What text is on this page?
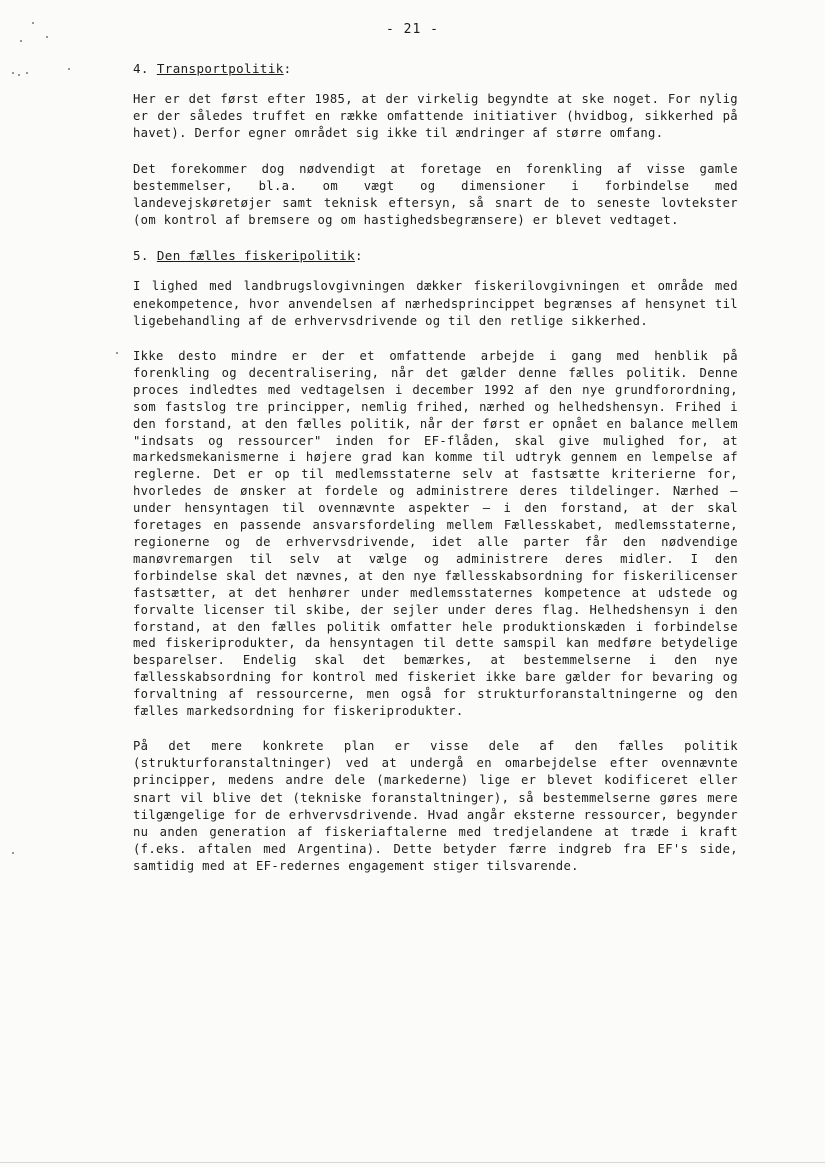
- 21 -
4. Transportpolitik:

Her er det først efter 1985, at der virkelig begyndte at ske noget. For nylig er der således truffet en række omfattende initiativer (hvidbog, sikkerhed på havet). Derfor egner området sig ikke til ændringer af større omfang.

Det forekommer dog nødvendigt at foretage en forenkling af visse gamle bestemmelser, bl.a. om vægt og dimensioner i forbindelse med landevejskøretøjer samt teknisk eftersyn, så snart de to seneste lovtekster (om kontrol af bremsere og om hastighedsbegrænsere) er blevet vedtaget.

5. Den fælles fiskeripolitik:

I lighed med landbrugslovgivningen dækker fiskerilovgivningen et område med enekompetence, hvor anvendelsen af nærhedsprincippet begrænses af hensynet til ligebehandling af de erhvervsdrivende og til den retlige sikkerhed.

Ikke desto mindre er der et omfattende arbejde i gang med henblik på forenkling og decentralisering, når det gælder denne fælles politik. Denne proces indledtes med vedtagelsen i december 1992 af den nye grundforordning, som fastslog tre principper, nemlig frihed, nærhed og helhedshensyn. Frihed i den forstand, at den fælles politik, når der først er opnået en balance mellem "indsats og ressourcer" inden for EF-flåden, skal give mulighed for, at markedsmekanismerne i højere grad kan komme til udtryk gennem en lempelse af reglerne. Det er op til medlemsstaterne selv at fastsætte kriterierne for, hvorledes de ønsker at fordele og administrere deres tildelinger. Nærhed – under hensyntagen til ovennævnte aspekter – i den forstand, at der skal foretages en passende ansvarsfordeling mellem Fællesskabet, medlemsstaterne, regionerne og de erhvervsdrivende, idet alle parter får den nødvendige manøvremargen til selv at vælge og administrere deres midler. I den forbindelse skal det nævnes, at den nye fællesskabsordning for fiskerilicenser fastsætter, at det henhører under medlemsstaternes kompetence at udstede og forvalte licenser til skibe, der sejler under deres flag. Helhedshensyn i den forstand, at den fælles politik omfatter hele produktionskæden i forbindelse med fiskeriprodukter, da hensyntagen til dette samspil kan medføre betydelige besparelser. Endelig skal det bemærkes, at bestemmelserne i den nye fællesskabsordning for kontrol med fiskeriet ikke bare gælder for bevaring og forvaltning af ressourcerne, men også for strukturforanstaltningerne og den fælles markedsordning for fiskeriprodukter.

På det mere konkrete plan er visse dele af den fælles politik (strukturforanstaltninger) ved at undergå en omarbejdelse efter ovennævnte principper, medens andre dele (markederne) lige er blevet kodificeret eller snart vil blive det (tekniske foranstaltninger), så bestemmelserne gøres mere tilgængelige for de erhvervsdrivende. Hvad angår eksterne ressourcer, begynder nu anden generation af fiskeriaftalerne med tredjelandene at træde i kraft (f.eks. aftalen med Argentina). Dette betyder færre indgreb fra EF's side, samtidig med at EF-redernes engagement stiger tilsvarende.
